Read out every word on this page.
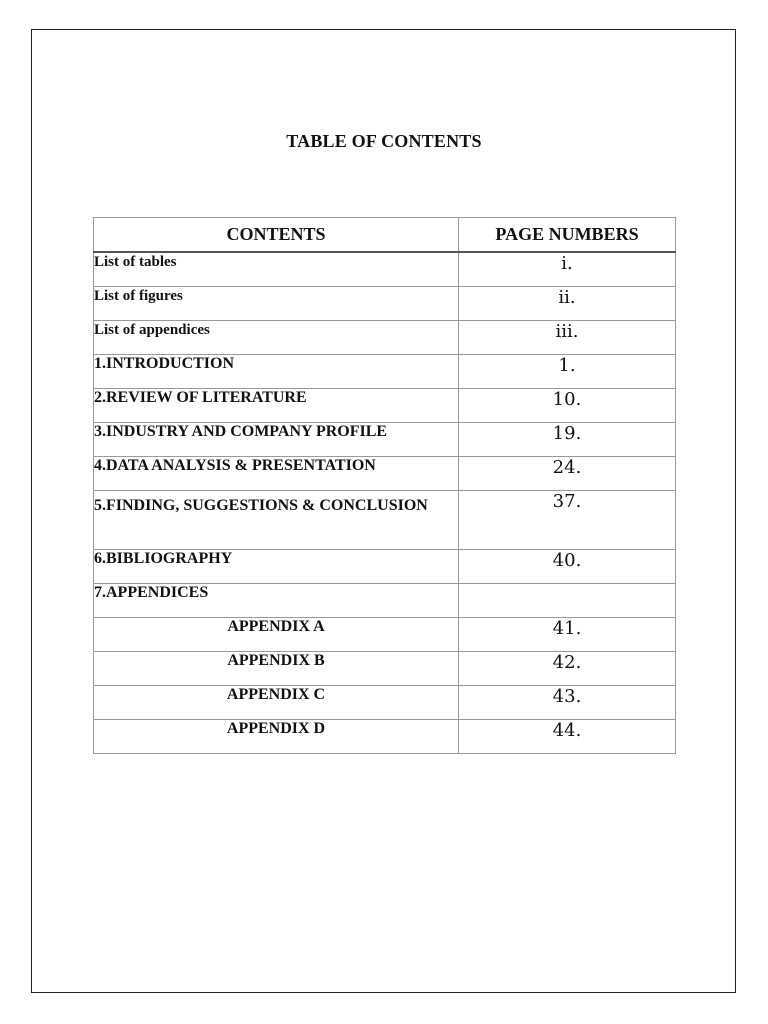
TABLE OF CONTENTS
CONTENTS	PAGE NUMBERS
List of tables	i.
List of figures	ii.
List of appendices	iii.
1.INTRODUCTION	1.
2.REVIEW OF LITERATURE	10.
3.INDUSTRY AND COMPANY PROFILE	19.
4.DATA ANALYSIS & PRESENTATION	24.
5.FINDING, SUGGESTIONS & CONCLUSION	37.
6.BIBLIOGRAPHY	40.
7.APPENDICES	
APPENDIX A	41.
APPENDIX B	42.
APPENDIX C	43.
APPENDIX D	44.
